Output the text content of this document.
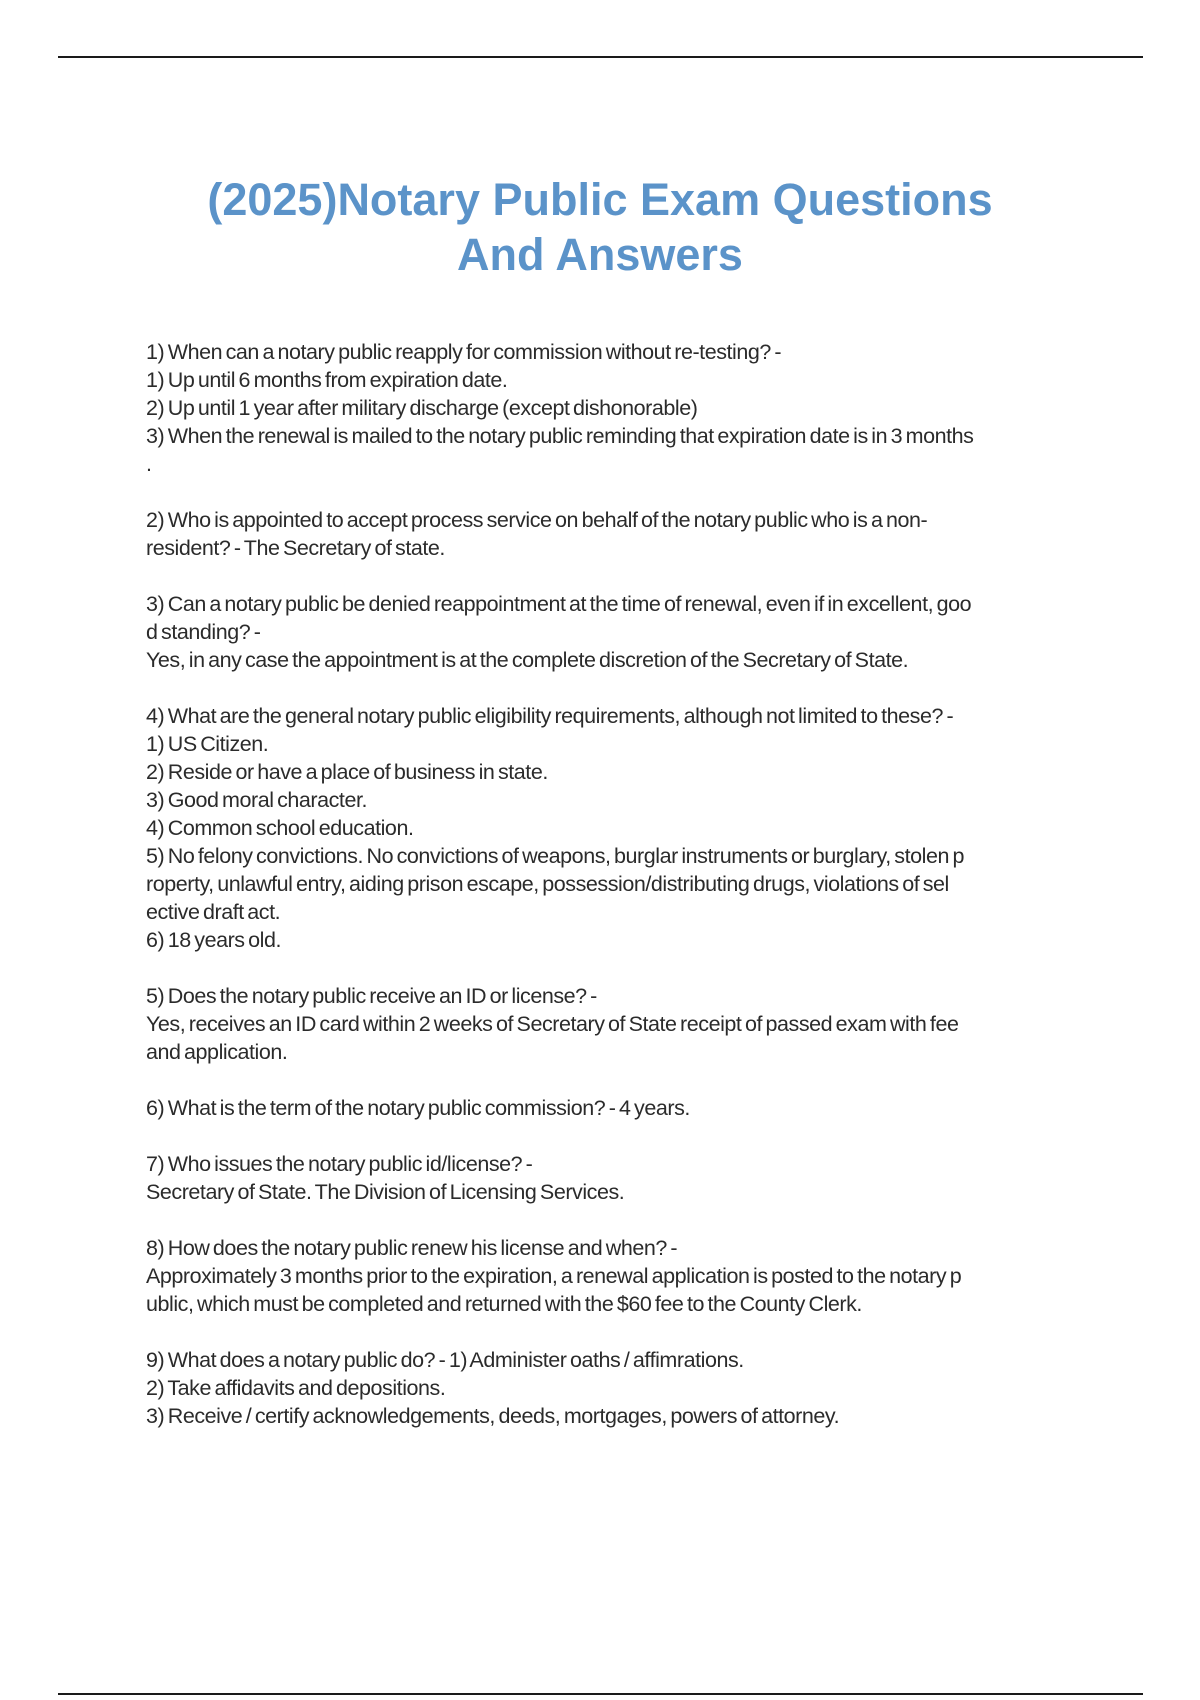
(2025)Notary Public Exam Questions
And Answers
1) When can a notary public reapply for commission without re-testing? -
1) Up until 6 months from expiration date.
2) Up until 1 year after military discharge (except dishonorable)
3) When the renewal is mailed to the notary public reminding that expiration date is in 3 months
.
2) Who is appointed to accept process service on behalf of the notary public who is a non-
resident? - The Secretary of state.
3) Can a notary public be denied reappointment at the time of renewal, even if in excellent, goo
d standing? -
Yes, in any case the appointment is at the complete discretion of the Secretary of State.
4) What are the general notary public eligibility requirements, although not limited to these? -
1) US Citizen.
2) Reside or have a place of business in state.
3) Good moral character.
4) Common school education.
5) No felony convictions. No convictions of weapons, burglar instruments or burglary, stolen p
roperty, unlawful entry, aiding prison escape, possession/distributing drugs, violations of sel
ective draft act.
6) 18 years old.
5) Does the notary public receive an ID or license? -
Yes, receives an ID card within 2 weeks of Secretary of State receipt of passed exam with fee
and application.
6) What is the term of the notary public commission? - 4 years.
7) Who issues the notary public id/license? -
Secretary of State. The Division of Licensing Services.
8) How does the notary public renew his license and when? -
Approximately 3 months prior to the expiration, a renewal application is posted to the notary p
ublic, which must be completed and returned with the $60 fee to the County Clerk.
9) What does a notary public do? - 1) Administer oaths / affimrations.
2) Take affidavits and depositions.
3) Receive / certify acknowledgements, deeds, mortgages, powers of attorney.
